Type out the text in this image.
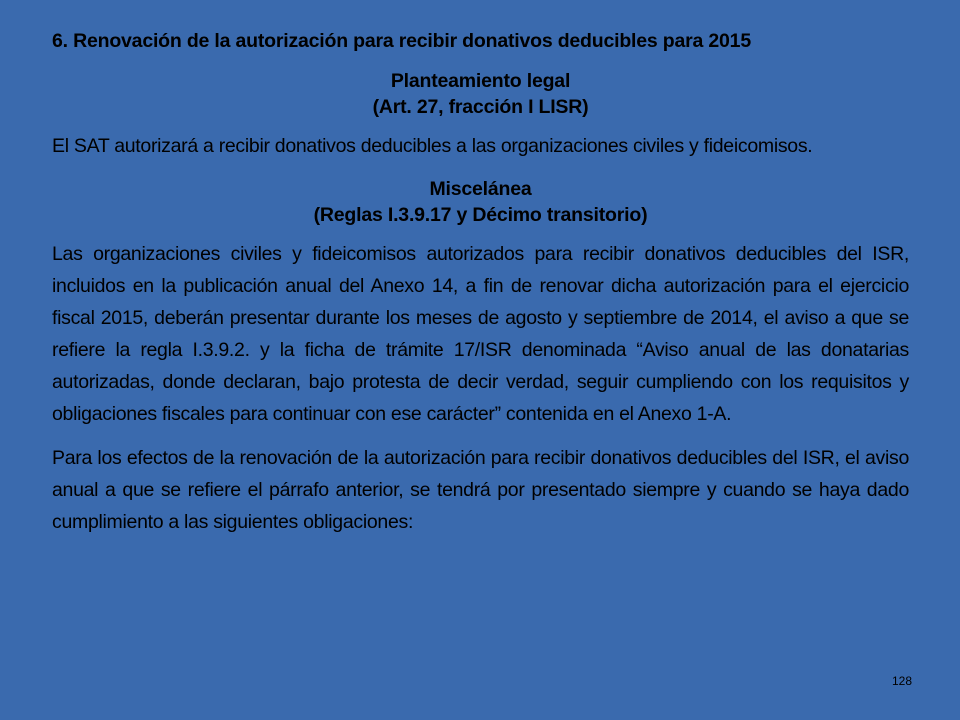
6. Renovación de la autorización para recibir donativos deducibles para 2015

Planteamiento legal
(Art. 27, fracción I LISR)

El SAT autorizará a recibir donativos deducibles a las organizaciones civiles y fideicomisos.

Miscelánea
(Reglas I.3.9.17 y Décimo transitorio)

Las organizaciones civiles y fideicomisos autorizados para recibir donativos deducibles del ISR, incluidos en la publicación anual del Anexo 14, a fin de renovar dicha autorización para el ejercicio fiscal 2015, deberán presentar durante los meses de agosto y septiembre de 2014, el aviso a que se refiere la regla I.3.9.2. y la ficha de trámite 17/ISR denominada “Aviso anual de las donatarias autorizadas, donde declaran, bajo protesta de decir verdad, seguir cumpliendo con los requisitos y obligaciones fiscales para continuar con ese carácter” contenida en el Anexo 1-A.

Para los efectos de la renovación de la autorización para recibir donativos deducibles del ISR, el aviso anual a que se refiere el párrafo anterior, se tendrá por presentado siempre y cuando se haya dado cumplimiento a las siguientes obligaciones:

128
